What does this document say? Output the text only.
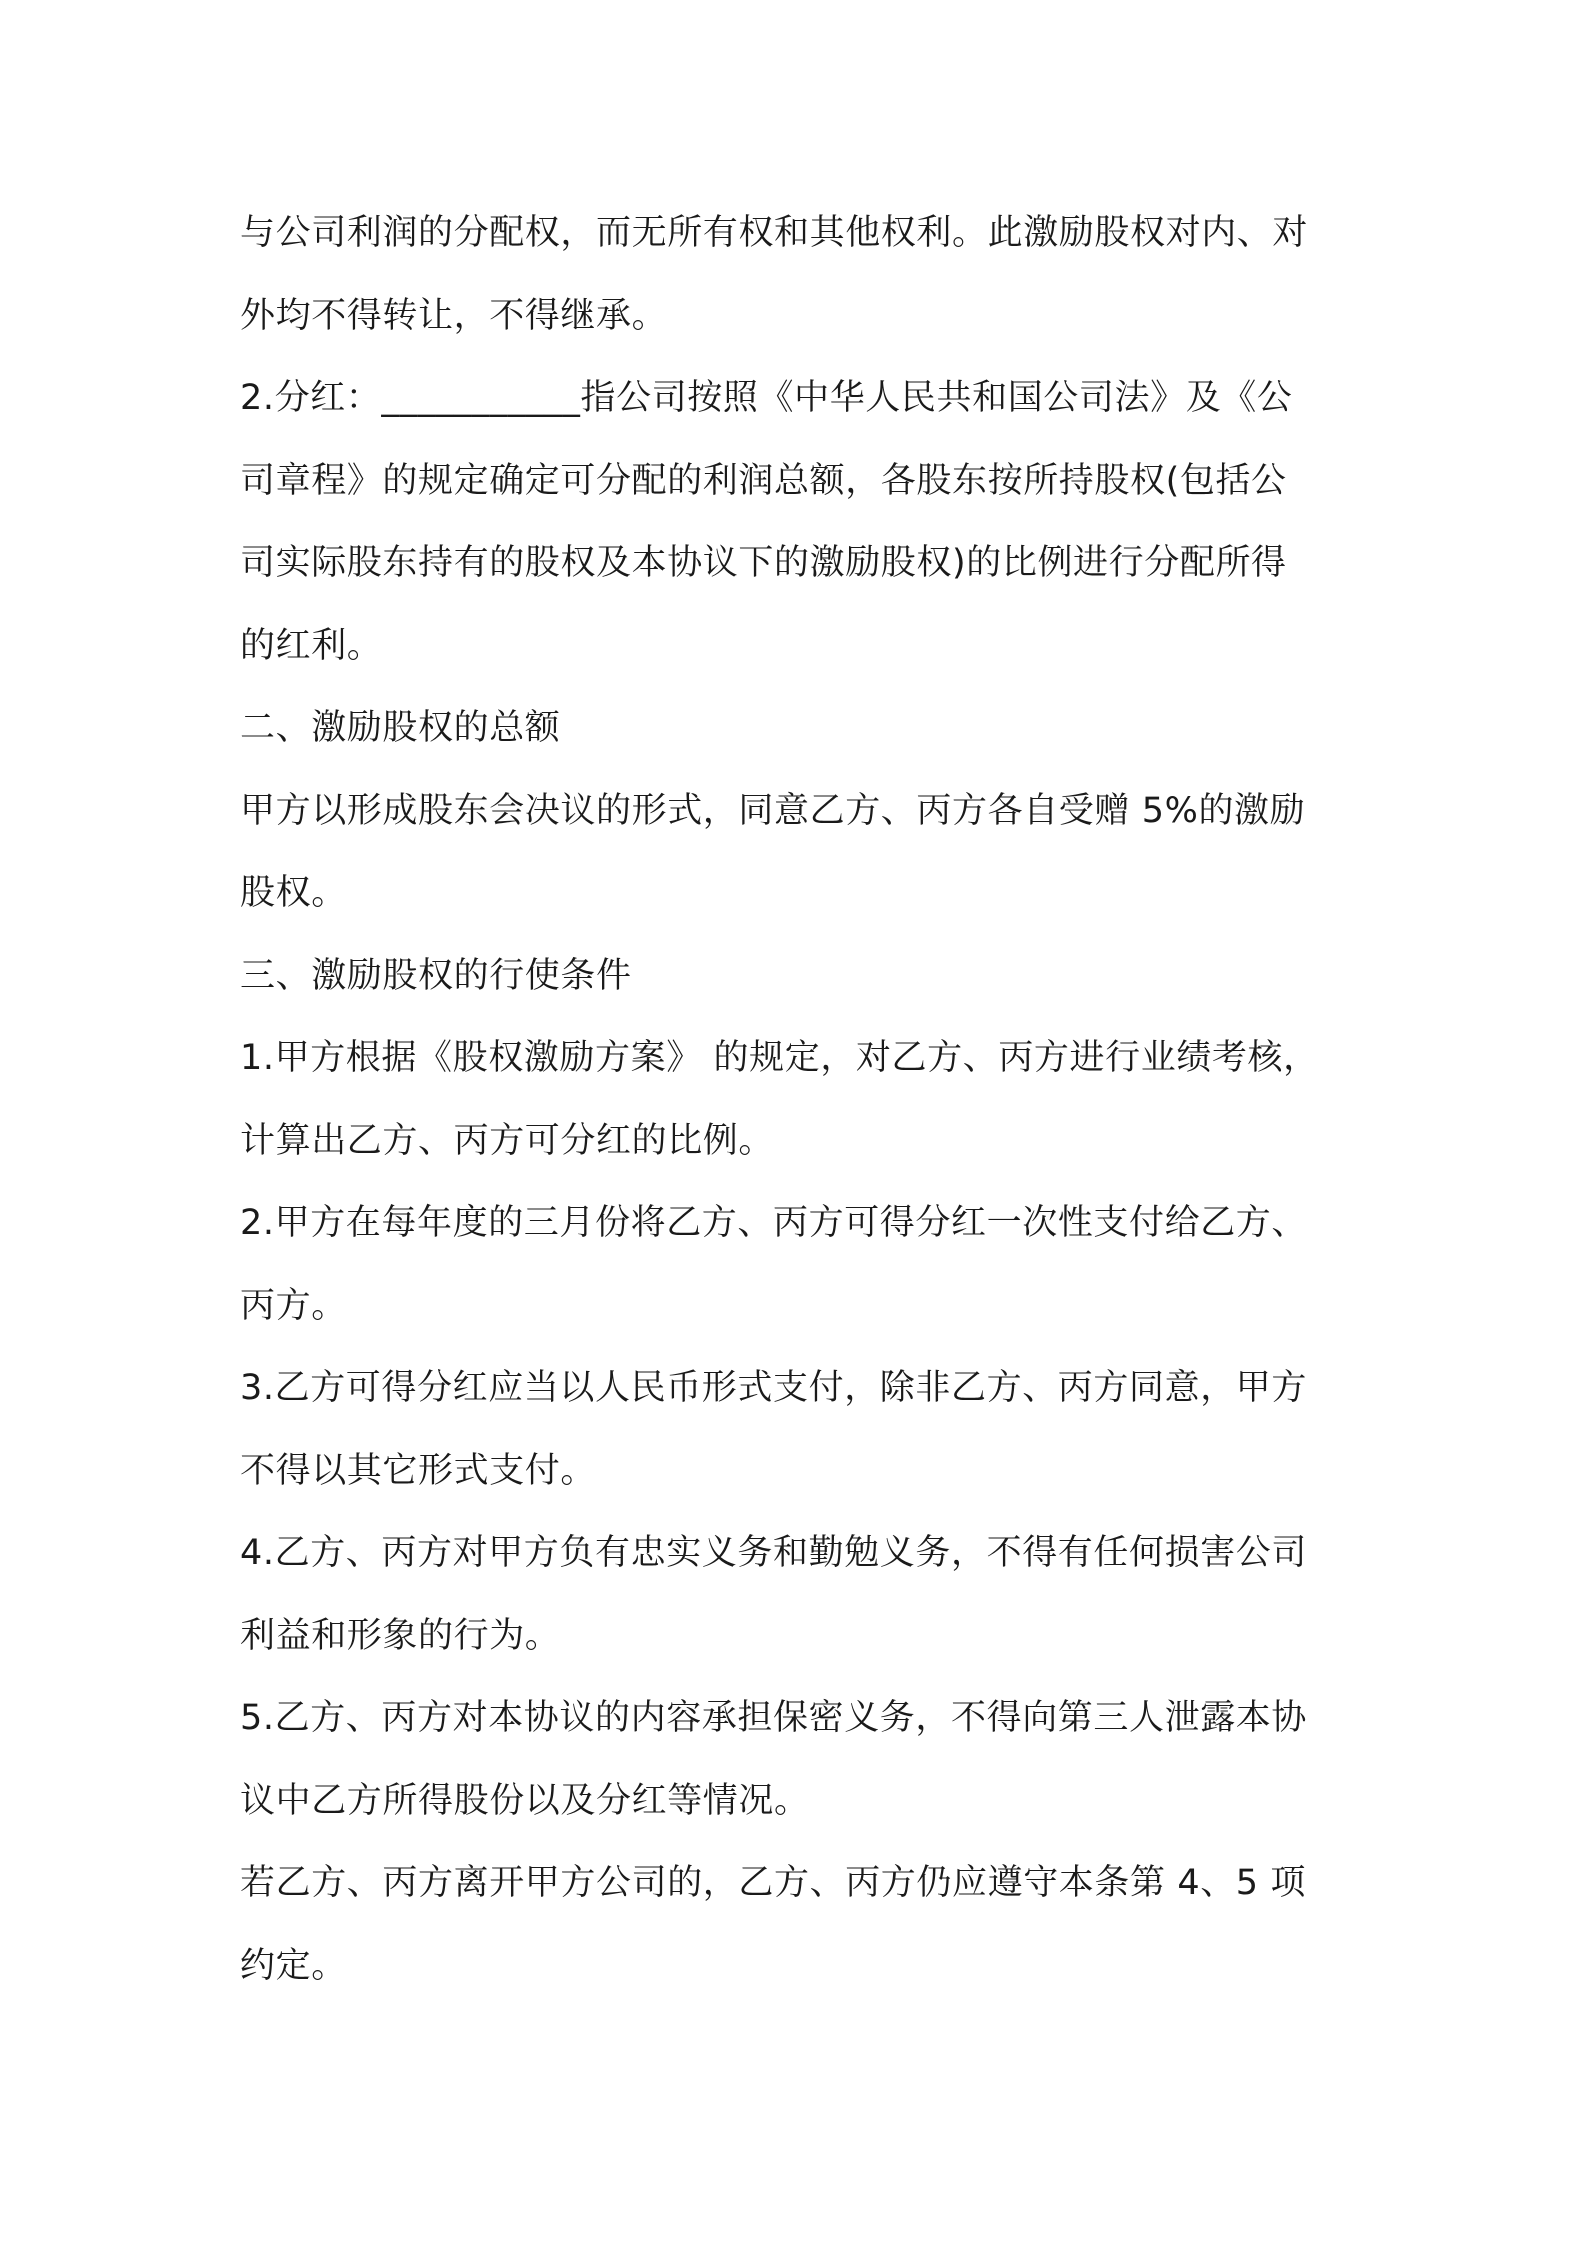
与公司利润的分配权，而无所有权和其他权利。此激励股权对内、对
外均不得转让，不得继承。
2.分红：___________指公司按照《中华人民共和国公司法》及《公
司章程》的规定确定可分配的利润总额，各股东按所持股权(包括公
司实际股东持有的股权及本协议下的激励股权)的比例进行分配所得
的红利。
二、激励股权的总额
甲方以形成股东会决议的形式，同意乙方、丙方各自受赠 5%的激励
股权。
三、激励股权的行使条件
1.甲方根据《股权激励方案》 的规定，对乙方、丙方进行业绩考核，
计算出乙方、丙方可分红的比例。
2.甲方在每年度的三月份将乙方、丙方可得分红一次性支付给乙方、
丙方。
3.乙方可得分红应当以人民币形式支付，除非乙方、丙方同意，甲方
不得以其它形式支付。
4.乙方、丙方对甲方负有忠实义务和勤勉义务，不得有任何损害公司
利益和形象的行为。
5.乙方、丙方对本协议的内容承担保密义务，不得向第三人泄露本协
议中乙方所得股份以及分红等情况。
若乙方、丙方离开甲方公司的，乙方、丙方仍应遵守本条第 4、5 项
约定。
